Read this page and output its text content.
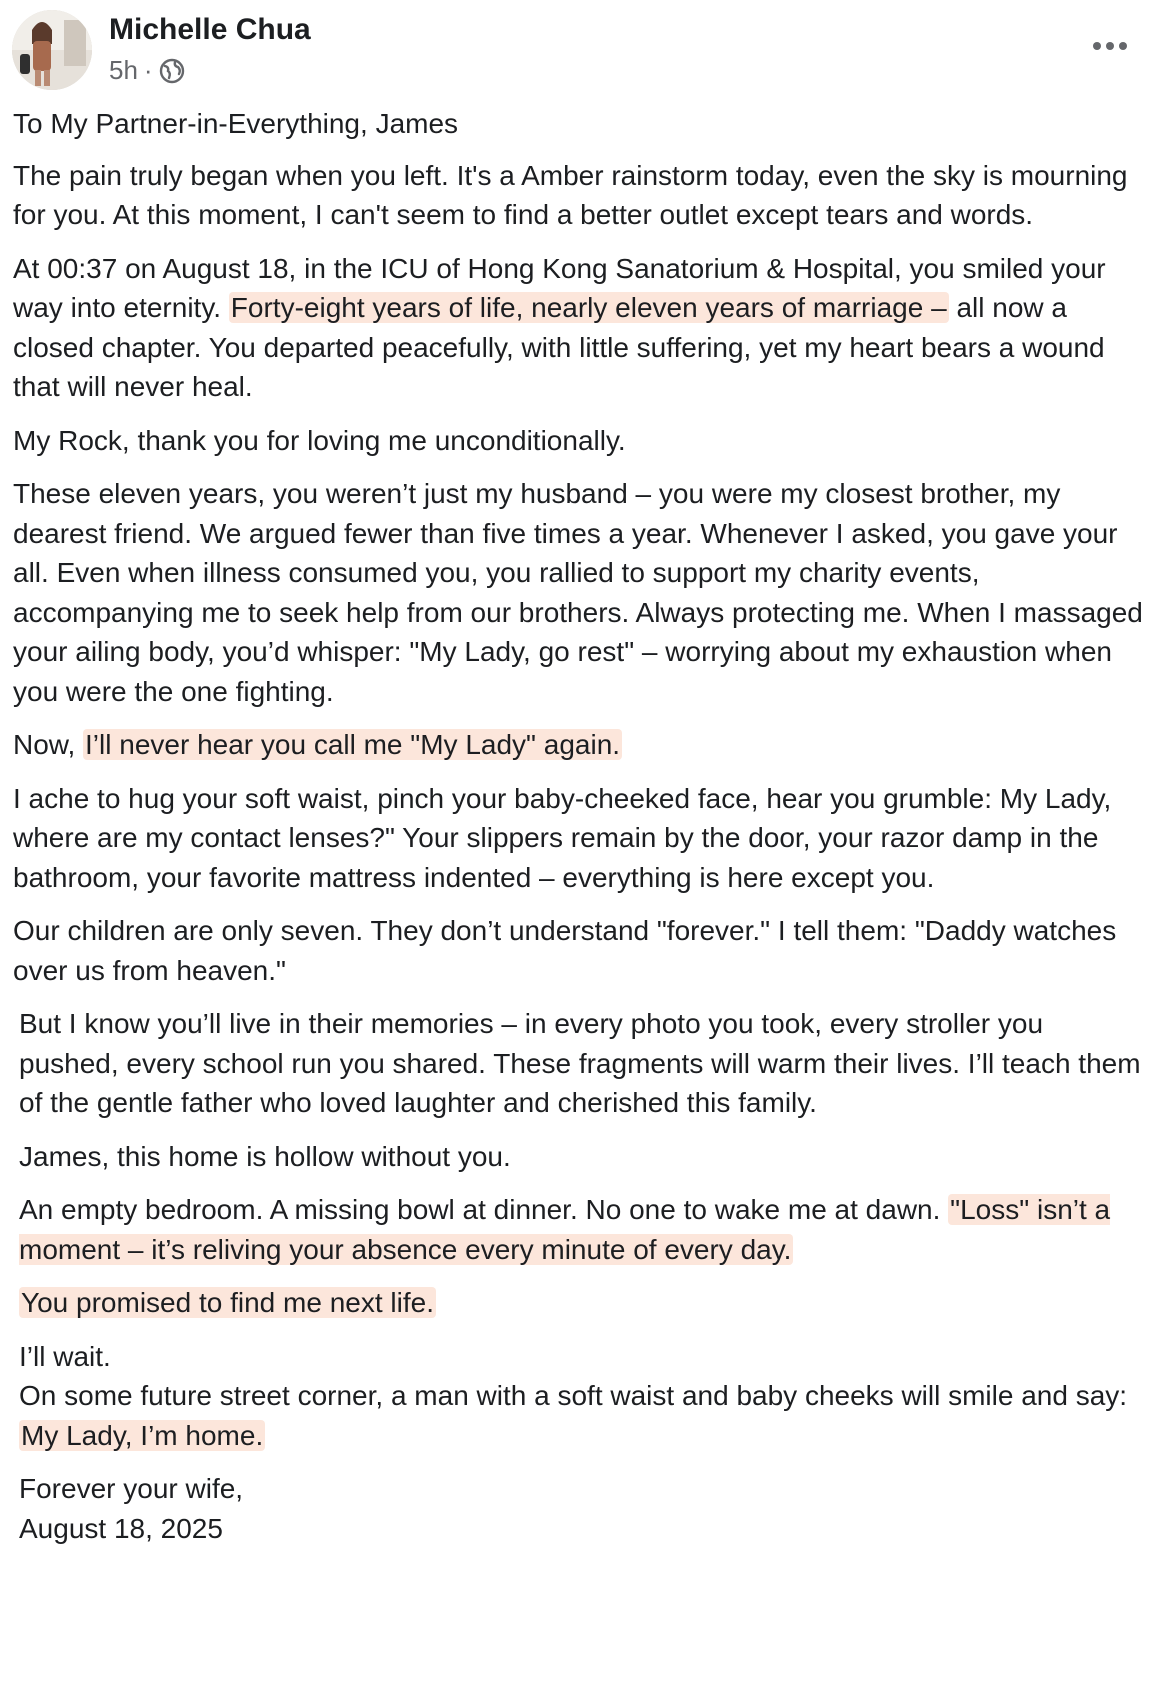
Michelle Chua
5h ·

To My Partner-in-Everything, James

The pain truly began when you left. It's a Amber rainstorm today, even the sky is mourning for you. At this moment, I can't seem to find a better outlet except tears and words.

At 00:37 on August 18, in the ICU of Hong Kong Sanatorium & Hospital, you smiled your way into eternity. Forty-eight years of life, nearly eleven years of marriage – all now a closed chapter. You departed peacefully, with little suffering, yet my heart bears a wound that will never heal.

My Rock, thank you for loving me unconditionally.

These eleven years, you weren’t just my husband – you were my closest brother, my dearest friend. We argued fewer than five times a year. Whenever I asked, you gave your all. Even when illness consumed you, you rallied to support my charity events, accompanying me to seek help from our brothers. Always protecting me. When I massaged your ailing body, you’d whisper: "My Lady, go rest" – worrying about my exhaustion when you were the one fighting.

Now, I’ll never hear you call me "My Lady" again.

I ache to hug your soft waist, pinch your baby-cheeked face, hear you grumble: My Lady, where are my contact lenses?" Your slippers remain by the door, your razor damp in the bathroom, your favorite mattress indented – everything is here except you.

Our children are only seven. They don’t understand "forever." I tell them: "Daddy watches over us from heaven."

But I know you’ll live in their memories – in every photo you took, every stroller you pushed, every school run you shared. These fragments will warm their lives. I’ll teach them of the gentle father who loved laughter and cherished this family.

James, this home is hollow without you.

An empty bedroom. A missing bowl at dinner. No one to wake me at dawn. "Loss" isn’t a moment – it’s reliving your absence every minute of every day.

You promised to find me next life.

I’ll wait.
On some future street corner, a man with a soft waist and baby cheeks will smile and say:
My Lady, I’m home.

Forever your wife,
August 18, 2025
